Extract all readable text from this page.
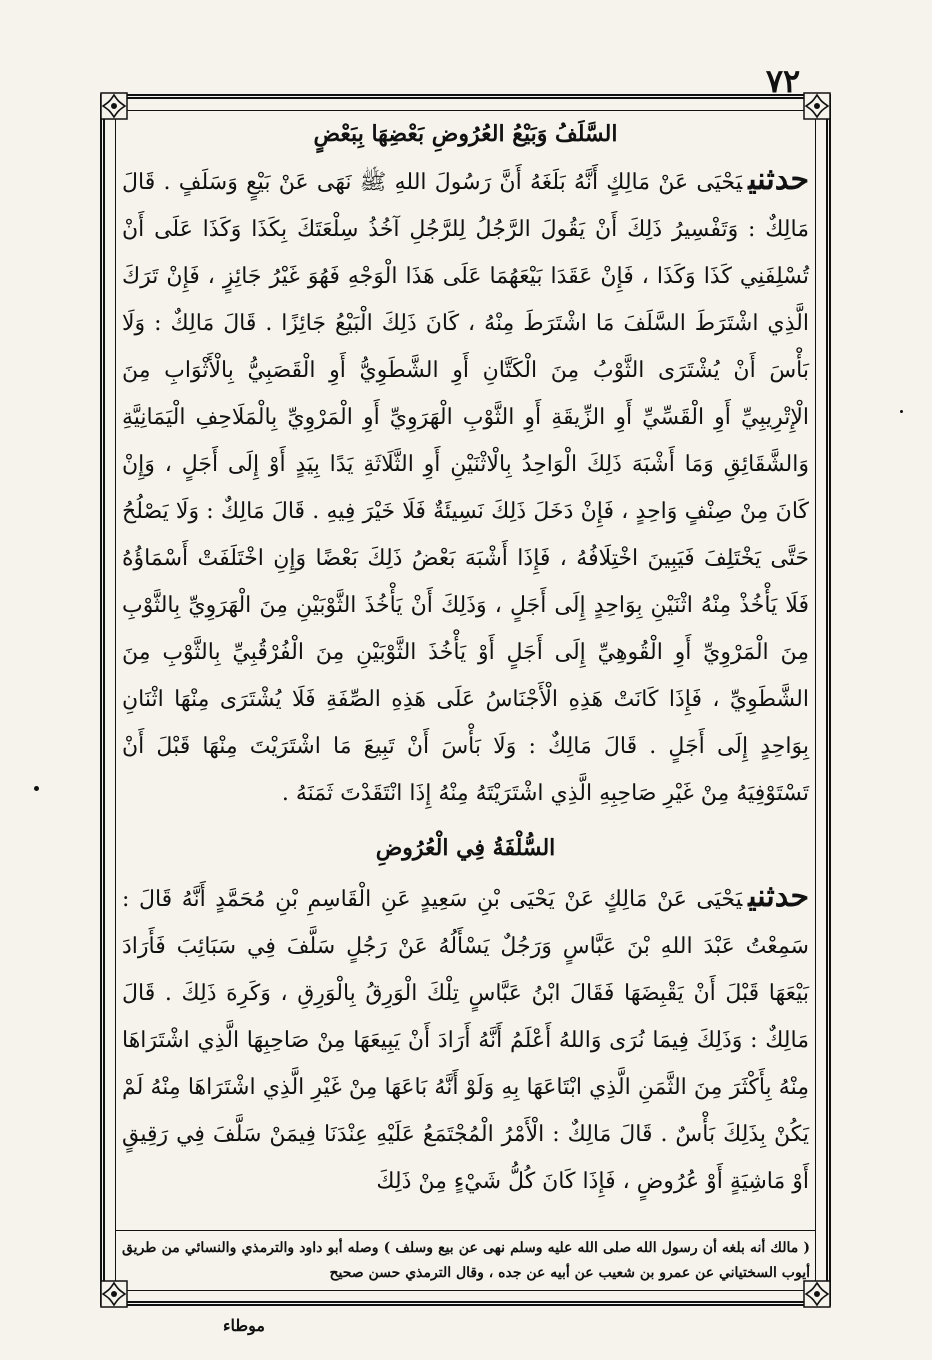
٧٢
السَّلَفُ وَبَيْعُ العُرُوضِ بَعْضِهَا بِبَعْضٍ

حدثنييَحْيَى عَنْ مَالِكٍ أَنَّهُ بَلَغَهُ أَنَّ رَسُولَ اللهِ ﷺ نَهَى عَنْ بَيْعٍ وَسَلَفٍ . قَالَ مَالِكٌ : وَتَفْسِيرُ ذَلِكَ أَنْ يَقُولَ الرَّجُلُ لِلرَّجُلِ آخُذُ سِلْعَتَكَ بِكَذَا وَكَذَا عَلَى أَنْ تُسْلِفَنِي كَذَا وَكَذَا ، فَإِنْ عَقَدَا بَيْعَهُمَا عَلَى هَذَا الْوَجْهِ فَهُوَ غَيْرُ جَائِزٍ ، فَإِنْ تَرَكَ الَّذِي اشْتَرَطَ السَّلَفَ مَا اشْتَرَطَ مِنْهُ ، كَانَ ذَلِكَ الْبَيْعُ جَائِزًا . قَالَ مَالِكٌ : وَلَا بَأْسَ أَنْ يُشْتَرَى الثَّوْبُ مِنَ الْكَتَّانِ أَوِ الشَّطَوِيُّ أَوِ الْقَصَبِيُّ بِالْأَثْوَابِ مِنَ الْإِتْرِيبِيِّ أَوِ الْقَسِّيِّ أَوِ الزِّيقَةِ أَوِ الثَّوْبِ الْهَرَوِيِّ أَوِ الْمَرْوِيِّ بِالْمَلَاحِفِ الْيَمَانِيَّةِ وَالشَّقَائِقِ وَمَا أَشْبَهَ ذَلِكَ الْوَاحِدُ بِالْاثْنَيْنِ أَوِ الثَّلَاثَةِ يَدًا بِيَدٍ أَوْ إِلَى أَجَلٍ ، وَإِنْ كَانَ مِنْ صِنْفٍ وَاحِدٍ ، فَإِنْ دَخَلَ ذَلِكَ نَسِيئَةٌ فَلَا خَيْرَ فِيهِ . قَالَ مَالِكٌ : وَلَا يَصْلُحُ حَتَّى يَخْتَلِفَ فَيَبِينَ اخْتِلَافُهُ ، فَإِذَا أَشْبَهَ بَعْضُ ذَلِكَ بَعْضًا وَإِنِ اخْتَلَفَتْ أَسْمَاؤُهُ فَلَا يَأْخُذْ مِنْهُ اثْنَيْنِ بِوَاحِدٍ إِلَى أَجَلٍ ، وَذَلِكَ أَنْ يَأْخُذَ الثَّوْبَيْنِ مِنَ الْهَرَوِيِّ بِالثَّوْبِ مِنَ الْمَرْوِيِّ أَوِ الْقُوهِيِّ إِلَى أَجَلٍ أَوْ يَأْخُذَ الثَّوْبَيْنِ مِنَ الْفُرْقُبِيِّ بِالثَّوْبِ مِنَ الشَّطَوِيِّ ، فَإِذَا كَانَتْ هَذِهِ الْأَجْنَاسُ عَلَى هَذِهِ الصِّفَةِ فَلَا يُشْتَرَى مِنْهَا اثْنَانِ بِوَاحِدٍ إِلَى أَجَلٍ . قَالَ مَالِكٌ : وَلَا بَأْسَ أَنْ تَبِيعَ مَا اشْتَرَيْتَ مِنْهَا قَبْلَ أَنْ تَسْتَوْفِيَهُ مِنْ غَيْرِ صَاحِبِهِ الَّذِي اشْتَرَيْتَهُ مِنْهُ إِذَا انْتَقَدْتَ ثَمَنَهُ .

السُّلْفَةُ فِي الْعُرُوضِ

حدثنييَحْيَى عَنْ مَالِكٍ عَنْ يَحْيَى بْنِ سَعِيدٍ عَنِ الْقَاسِمِ بْنِ مُحَمَّدٍ أَنَّهُ قَالَ : سَمِعْتُ عَبْدَ اللهِ بْنَ عَبَّاسٍ وَرَجُلٌ يَسْأَلُهُ عَنْ رَجُلٍ سَلَّفَ فِي سَبَائِبَ فَأَرَادَ بَيْعَهَا قَبْلَ أَنْ يَقْبِضَهَا فَقَالَ ابْنُ عَبَّاسٍ تِلْكَ الْوَرِقُ بِالْوَرِقِ ، وَكَرِهَ ذَلِكَ . قَالَ مَالِكٌ : وَذَلِكَ فِيمَا نُرَى وَاللهُ أَعْلَمُ أَنَّهُ أَرَادَ أَنْ يَبِيعَهَا مِنْ صَاحِبِهَا الَّذِي اشْتَرَاهَا مِنْهُ بِأَكْثَرَ مِنَ الثَّمَنِ الَّذِي ابْتَاعَهَا بِهِ وَلَوْ أَنَّهُ بَاعَهَا مِنْ غَيْرِ الَّذِي اشْتَرَاهَا مِنْهُ لَمْ يَكُنْ بِذَلِكَ بَأْسٌ . قَالَ مَالِكٌ : الْأَمْرُ الْمُجْتَمَعُ عَلَيْهِ عِنْدَنَا فِيمَنْ سَلَّفَ فِي رَقِيقٍ أَوْ مَاشِيَةٍ أَوْ عُرُوضٍ ، فَإِذَا كَانَ كُلُّ شَيْءٍ مِنْ ذَلِكَ

( مالك أنه بلغه أن رسول الله صلى الله عليه وسلم نهى عن بيع وسلف ) وصله أبو داود والترمذي والنسائي من طريق أيوب السختياني عن عمرو بن شعيب عن أبيه عن جده ، وقال الترمذي حسن صحيح
موطاء
